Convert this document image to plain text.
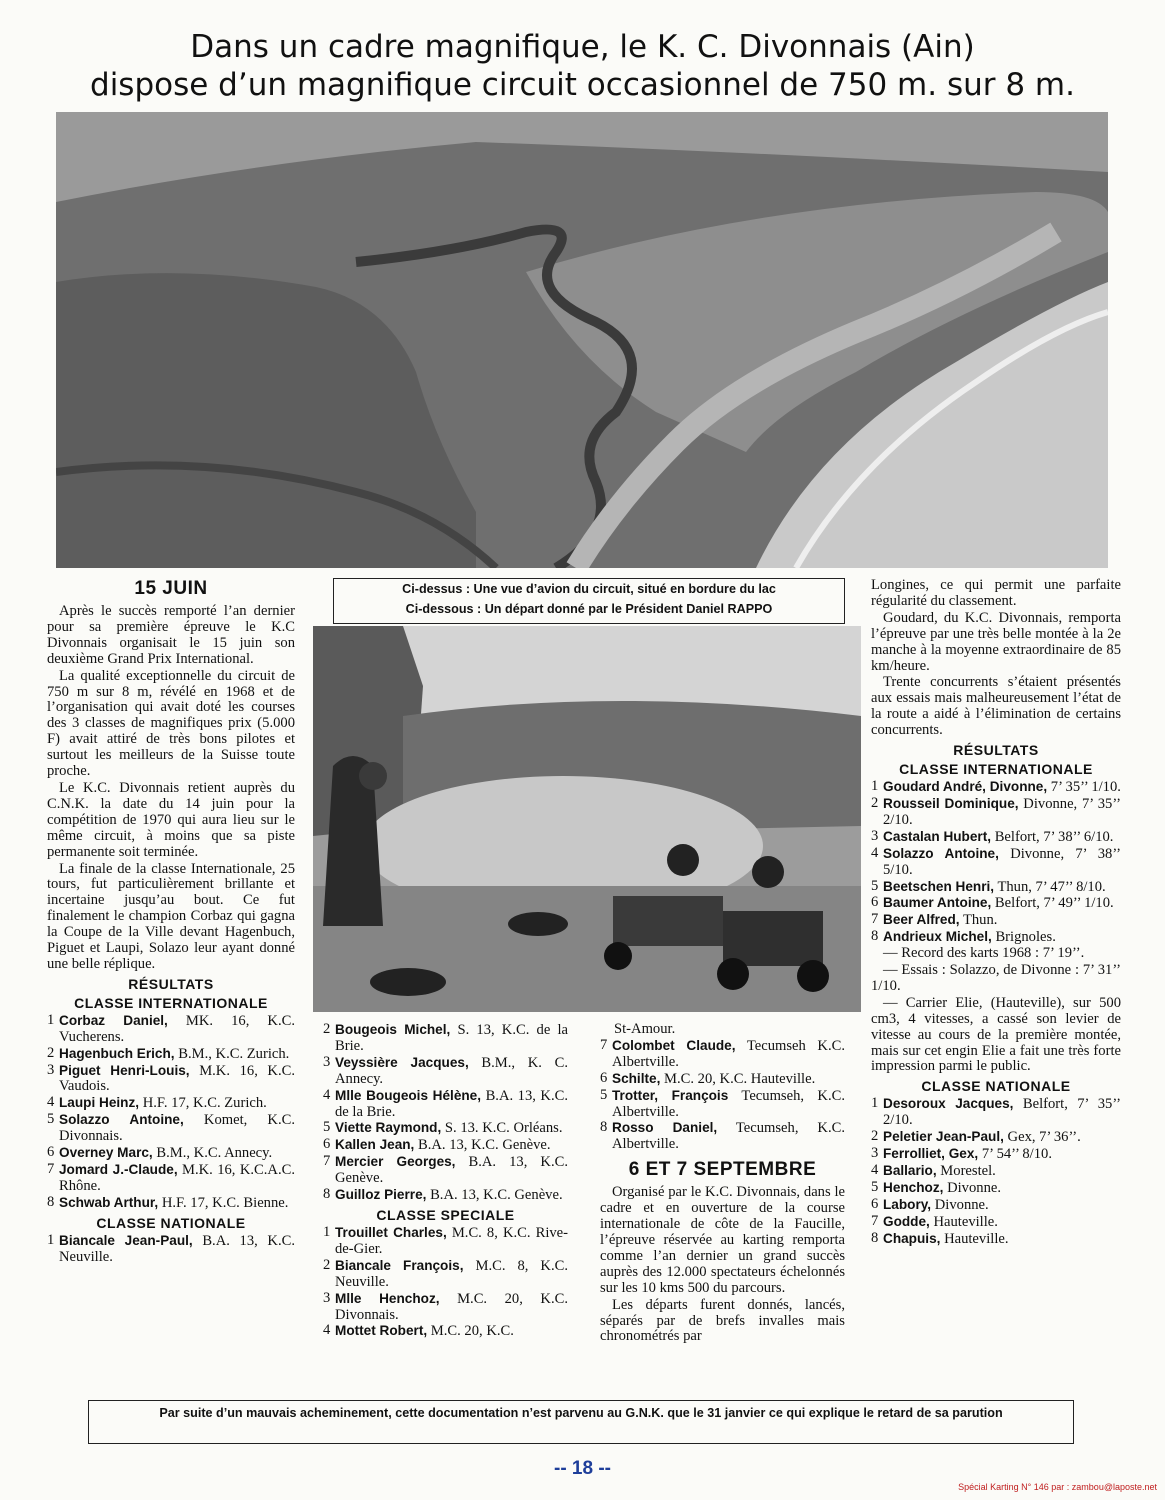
Dans un cadre magnifique, le K. C. Divonnais (Ain)
dispose d’un magnifique circuit occasionnel de 750 m. sur 8 m.
Ci-dessus : Une vue d’avion du circuit, situé en bordure du lac
Ci-dessous : Un départ donné par le Président Daniel RAPPO
15 JUIN

Après le succès remporté l’an dernier pour sa première épreuve le K.C Divonnais organisait le 15 juin son deuxième Grand Prix International.

La qualité exceptionnelle du circuit de 750 m sur 8 m, révélé en 1968 et de l’organisation qui avait doté les courses des 3 classes de magnifiques prix (5.000 F) avait attiré de très bons pilotes et surtout les meilleurs de la Suisse toute proche.

Le K.C. Divonnais retient auprès du C.N.K. la date du 14 juin pour la compétition de 1970 qui aura lieu sur le même circuit, à moins que sa piste permanente soit terminée.

La finale de la classe Internationale, 25 tours, fut particulièrement brillante et incertaine jusqu’au bout. Ce fut finalement le champion Corbaz qui gagna la Coupe de la Ville devant Hagenbuch, Piguet et Laupi, Solazo leur ayant donné une belle réplique.

RÉSULTATS
CLASSE INTERNATIONALE
1 Corbaz Daniel, MK. 16, K.C. Vucherens.
2 Hagenbuch Erich, B.M., K.C. Zurich.
3 Piguet Henri-Louis, M.K. 16, K.C. Vaudois.
4 Laupi Heinz, H.F. 17, K.C. Zurich.
5 Solazzo Antoine, Komet, K.C. Divonnais.
6 Overney Marc, B.M., K.C. Annecy.
7 Jomard J.-Claude, M.K. 16, K.C.A.C. Rhône.
8 Schwab Arthur, H.F. 17, K.C. Bienne.
CLASSE NATIONALE
1 Biancale Jean-Paul, B.A. 13, K.C. Neuville.
2 Bougeois Michel, S. 13, K.C. de la Brie.
3 Veyssière Jacques, B.M., K. C. Annecy.
4 Mlle Bougeois Hélène, B.A. 13, K.C. de la Brie.
5 Viette Raymond, S. 13. K.C. Orléans.
6 Kallen Jean, B.A. 13, K.C. Genève.
7 Mercier Georges, B.A. 13, K.C. Genève.
8 Guilloz Pierre, B.A. 13, K.C. Genève.
CLASSE SPECIALE
1 Trouillet Charles, M.C. 8, K.C. Rive-de-Gier.
2 Biancale François, M.C. 8, K.C. Neuville.
3 Mlle Henchoz, M.C. 20, K.C. Divonnais.
4 Mottet Robert, M.C. 20, K.C.
St-Amour.
7 Colombet Claude, Tecumseh K.C. Albertville.
6 Schilte, M.C. 20, K.C. Hauteville.
5 Trotter, François Tecumseh, K.C. Albertville.
8 Rosso Daniel, Tecumseh, K.C. Albertville.
6 ET 7 SEPTEMBRE

Organisé par le K.C. Divonnais, dans le cadre et en ouverture de la course internationale de côte de la Faucille, l’épreuve réservée au karting remporta comme l’an dernier un grand succès auprès des 12.000 spectateurs échelonnés sur les 10 kms 500 du parcours.

Les départs furent donnés, lancés, séparés par de brefs invalles mais chronométrés par

Longines, ce qui permit une parfaite régularité du classement.

Goudard, du K.C. Divonnais, remporta l’épreuve par une très belle montée à la 2e manche à la moyenne extraordinaire de 85 km/heure.

Trente concurrents s’étaient présentés aux essais mais malheureusement l’état de la route a aidé à l’élimination de certains concurrents.

RÉSULTATS
CLASSE INTERNATIONALE
1 Goudard André, Divonne, 7’ 35’’ 1/10.
2 Rousseil Dominique, Divonne, 7’ 35’’ 2/10.
3 Castalan Hubert, Belfort, 7’ 38’’ 6/10.
4 Solazzo Antoine, Divonne, 7’ 38’’ 5/10.
5 Beetschen Henri, Thun, 7’ 47’’ 8/10.
6 Baumer Antoine, Belfort, 7’ 49’’ 1/10.
7 Beer Alfred, Thun.
8 Andrieux Michel, Brignoles.

— Record des karts 1968 : 7’ 19’’.

— Essais : Solazzo, de Divonne : 7’ 31’’ 1/10.

— Carrier Elie, (Hauteville), sur 500 cm3, 4 vitesses, a cassé son levier de vitesse au cours de la première montée, mais sur cet engin Elie a fait une très forte impression parmi le public.

CLASSE NATIONALE
1 Desoroux Jacques, Belfort, 7’ 35’’ 2/10.
2 Peletier Jean-Paul, Gex, 7’ 36’’.
3 Ferrolliet, Gex, 7’ 54’’ 8/10.
4 Ballario, Morestel.
5 Henchoz, Divonne.
6 Labory, Divonne.
7 Godde, Hauteville.
8 Chapuis, Hauteville.
Par suite d’un mauvais acheminement, cette documentation n’est parvenu au G.N.K. que le 31 janvier ce qui explique le retard de sa parution
-- 18 --
Spécial Karting N° 146 par : zambou@laposte.net
